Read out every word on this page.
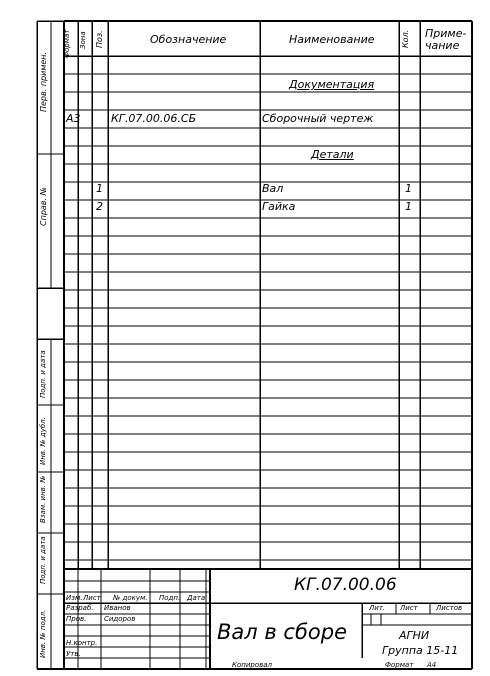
Формат Зона Поз.	Обозначение	Наименование	Кол. Приме-
чание
Перв. примен.
Справ. №
Подп. и дата
Инв. № дубл.
Взам. инв. №
Подп. и дата
Инв. № подл.
Документация
А3	КГ.07.00.06.СБ	Сборочный чертеж
Детали
1	Вал	1
2	Гайка	1
КГ.07.00.06
Вал в сборе
Изм. Лист № докум. Подп. Дата
Разраб. Иванов
Пров.	Сидоров
Н.контр.
Утв.
Лит. Лист	Листов
АГНИ
Группа 15-11
Копировал	Формат А4
